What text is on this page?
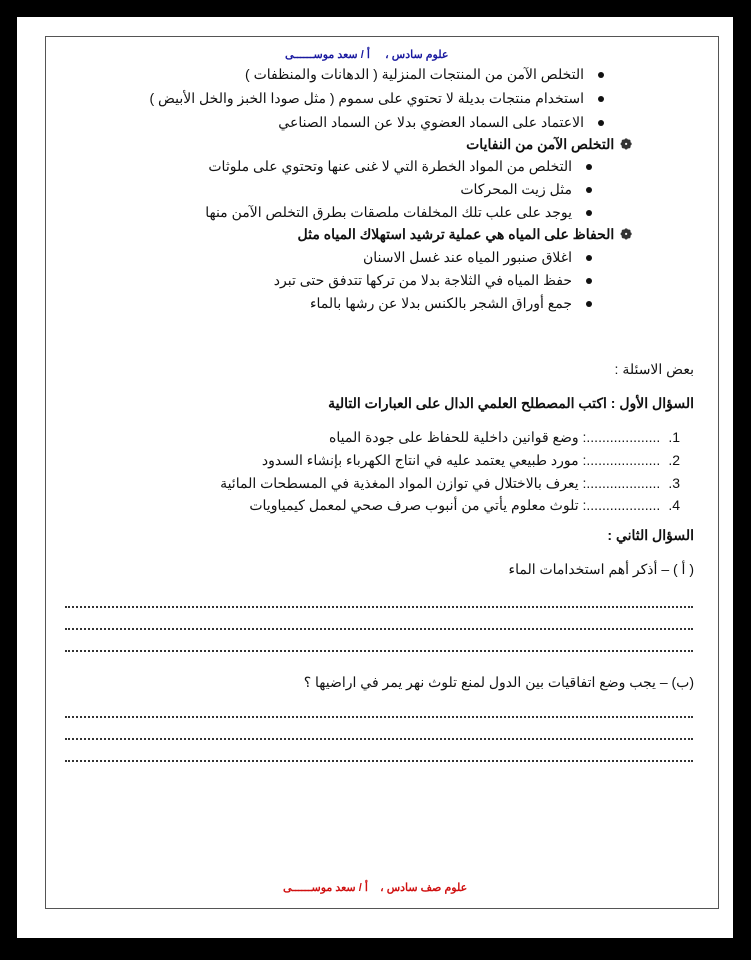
علوم سادس ،     أ / سعد موســــــى
التخلص الآمن من المنتجات المنزلية ( الدهانات والمنظفات )
استخدام منتجات بديلة لا تحتوي على سموم ( مثل صودا الخبز والخل الأبيض )
الاعتماد على السماد العضوي بدلا عن السماد الصناعي
❁التخلص الآمن من النفايات
التخلص من المواد الخطرة التي لا غنى عنها وتحتوي على ملوثات
مثل زيت المحركات
يوجد على علب تلك المخلفات ملصقات بطرق التخلص الآمن منها
❁الحفاظ على المياه هي عملية ترشيد استهلاك المياه مثل
اغلاق صنبور المياه عند غسل الاسنان
حفظ المياه في الثلاجة بدلا من تركها تتدفق حتى تبرد
جمع أوراق الشجر بالكنس بدلا عن رشها بالماء
بعض الاسئلة :
السؤال الأول : اكتب المصطلح العلمي الدال على العبارات التالية
1....................: وضع قوانين داخلية للحفاظ على جودة المياه
2....................: مورد طبيعي يعتمد عليه في انتاج الكهرباء بإنشاء السدود
3....................: يعرف بالاختلال في توازن المواد المغذية في المسطحات المائية
4....................: تلوث معلوم يأتي من أنبوب صرف صحي لمعمل كيمياويات
السؤال الثاني :
( أ ) – أذكر أهم استخدامات الماء
(ب) – يجب وضع اتفاقيات بين الدول لمنع تلوث نهر يمر في اراضيها ؟
علوم صف سادس ،    أ / سعد موســــــى
